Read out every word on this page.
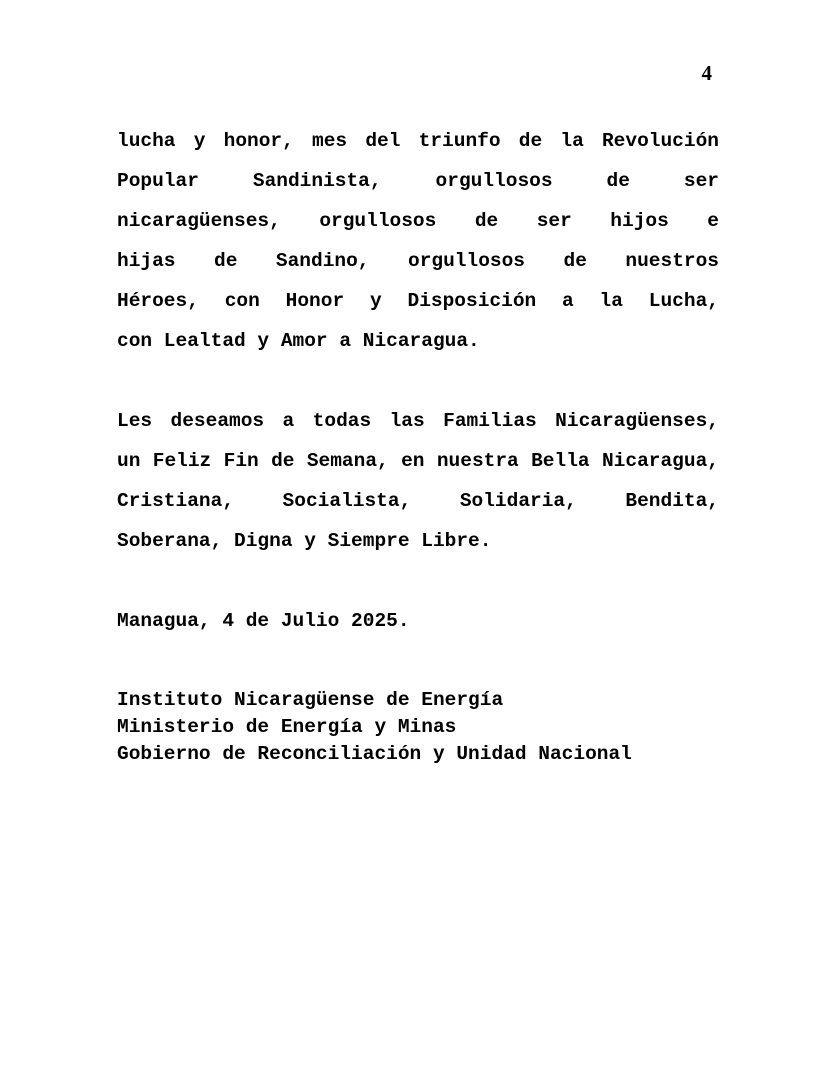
4
lucha y honor, mes del triunfo de la Revolución
Popular Sandinista, orgullosos de ser
nicaragüenses, orgullosos de ser hijos e
hijas de Sandino, orgullosos de nuestros
Héroes, con Honor y Disposición a la Lucha,
con Lealtad y Amor a Nicaragua.
Les deseamos a todas las Familias Nicaragüenses,
un Feliz Fin de Semana, en nuestra Bella Nicaragua,
Cristiana, Socialista, Solidaria, Bendita,
Soberana, Digna y Siempre Libre.
Managua, 4 de Julio 2025.
Instituto Nicaragüense de Energía
Ministerio de Energía y Minas
Gobierno de Reconciliación y Unidad Nacional
